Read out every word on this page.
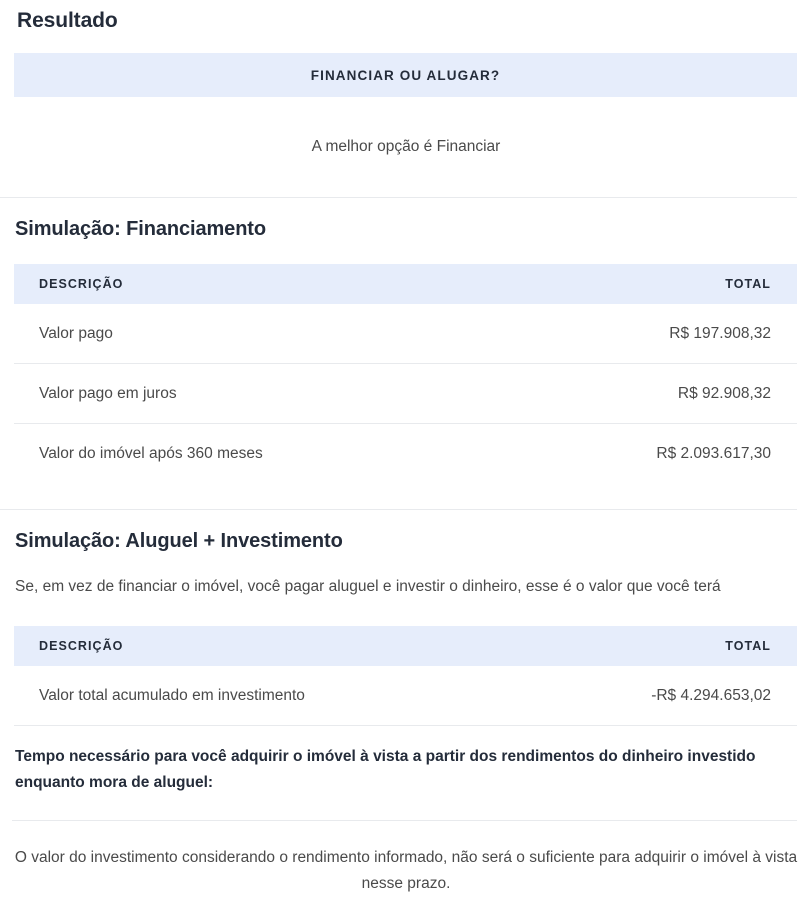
Resultado
FINANCIAR OU ALUGAR?

A melhor opção é Financiar

Simulação: Financiamento
DESCRIÇÃO	TOTAL
Valor pago	R$ 197.908,32
Valor pago em juros	R$ 92.908,32
Valor do imóvel após 360 meses	R$ 2.093.617,30
Simulação: Aluguel + Investimento

Se, em vez de financiar o imóvel, você pagar aluguel e investir o dinheiro, esse é o valor que você terá

DESCRIÇÃO	TOTAL
Valor total acumulado em investimento	-R$ 4.294.653,02

Tempo necessário para você adquirir o imóvel à vista a partir dos rendimentos do dinheiro investido enquanto mora de aluguel:

O valor do investimento considerando o rendimento informado, não será o suficiente para adquirir o imóvel à vista nesse prazo.
